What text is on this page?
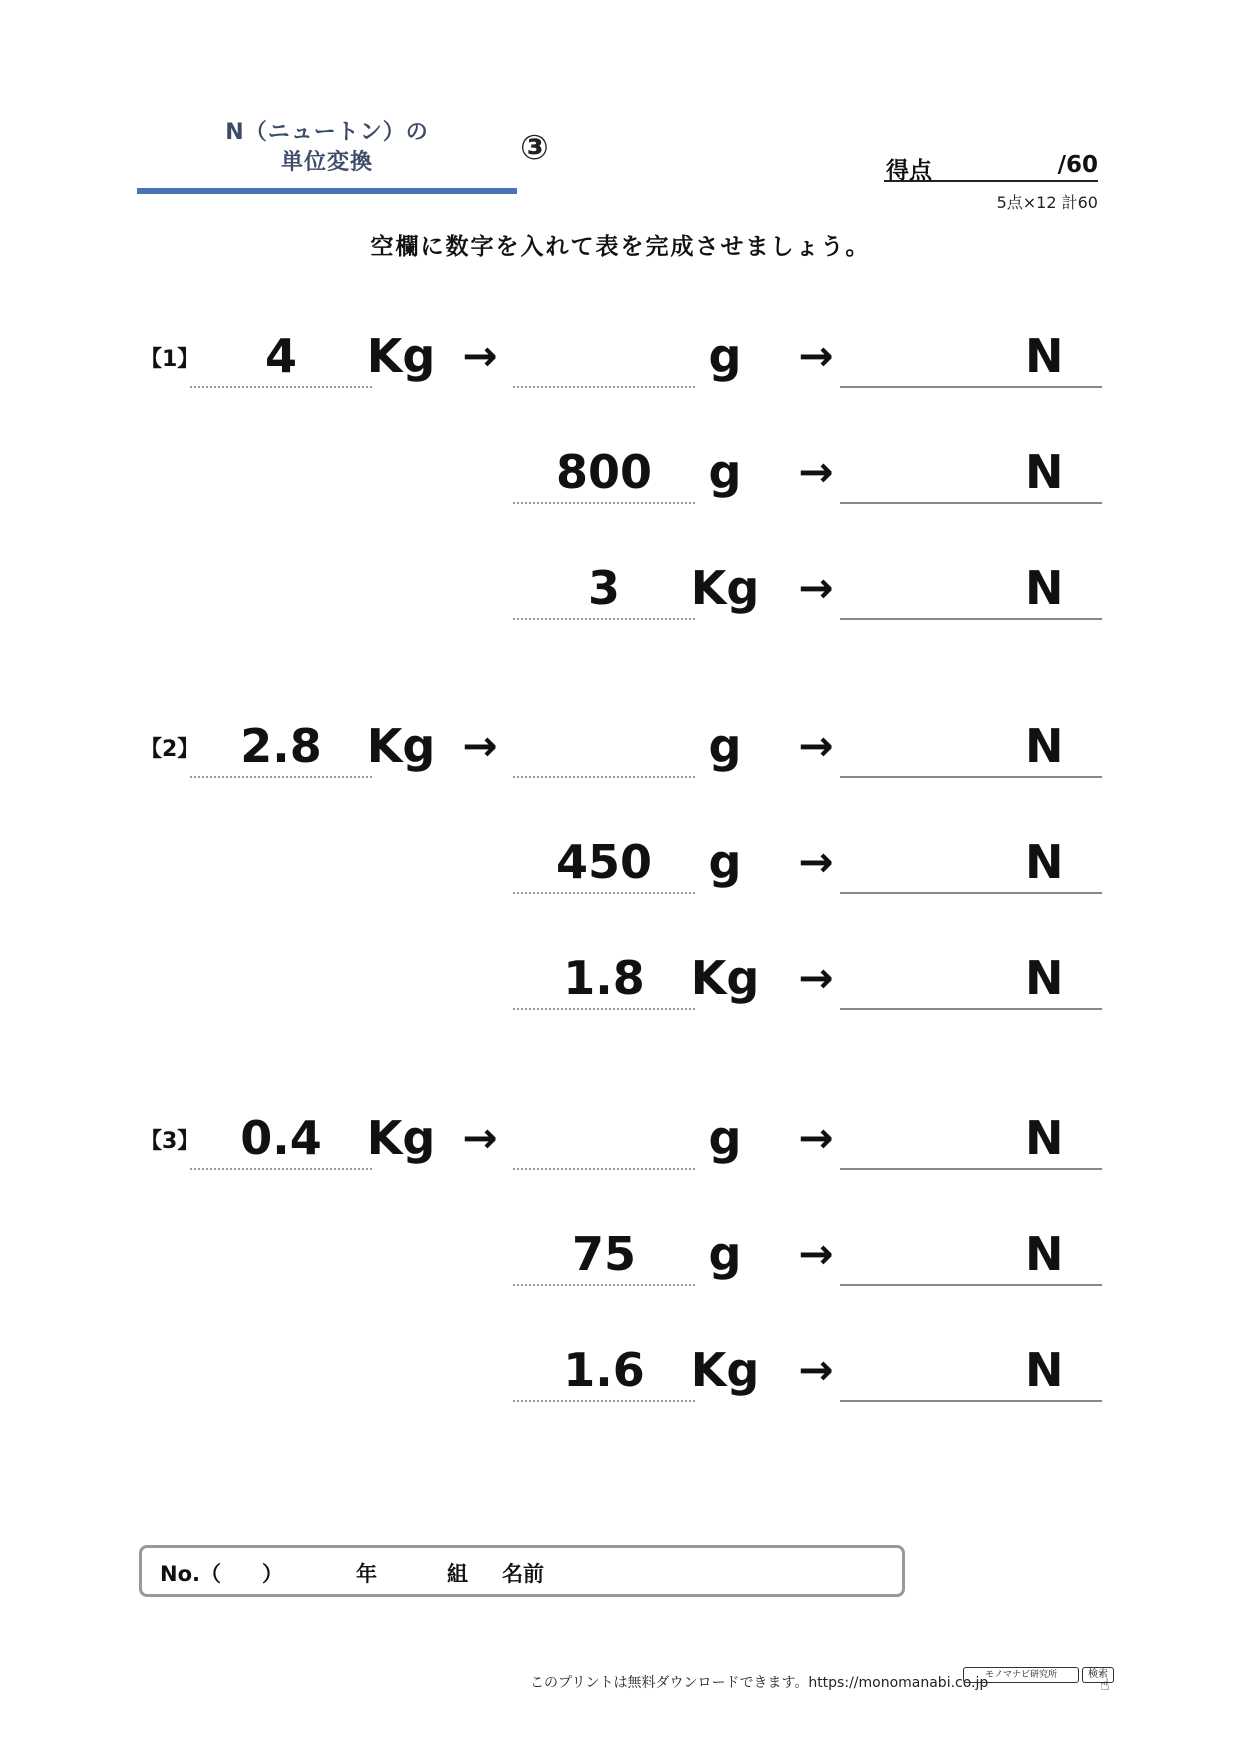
N（ニュートン）の
単位変換	③
得点	/60
5点×12 計60
空欄に数字を入れて表を完成させましょう。
【1】	4	Kg →	g	→	N
800	g	→	N
3	Kg →	N
【2】 2.8 Kg →	g	→	N
450	g	→	N
1.8 Kg →	N
【3】 0.4 Kg →	g	→	N
75	g	→	N
1.6 Kg →	N
No.（ ）	年	組 名前
このプリントは無料ダウンロードできます。https://monomanabi.co.jp
モノマナビ研究所	検索
☝
